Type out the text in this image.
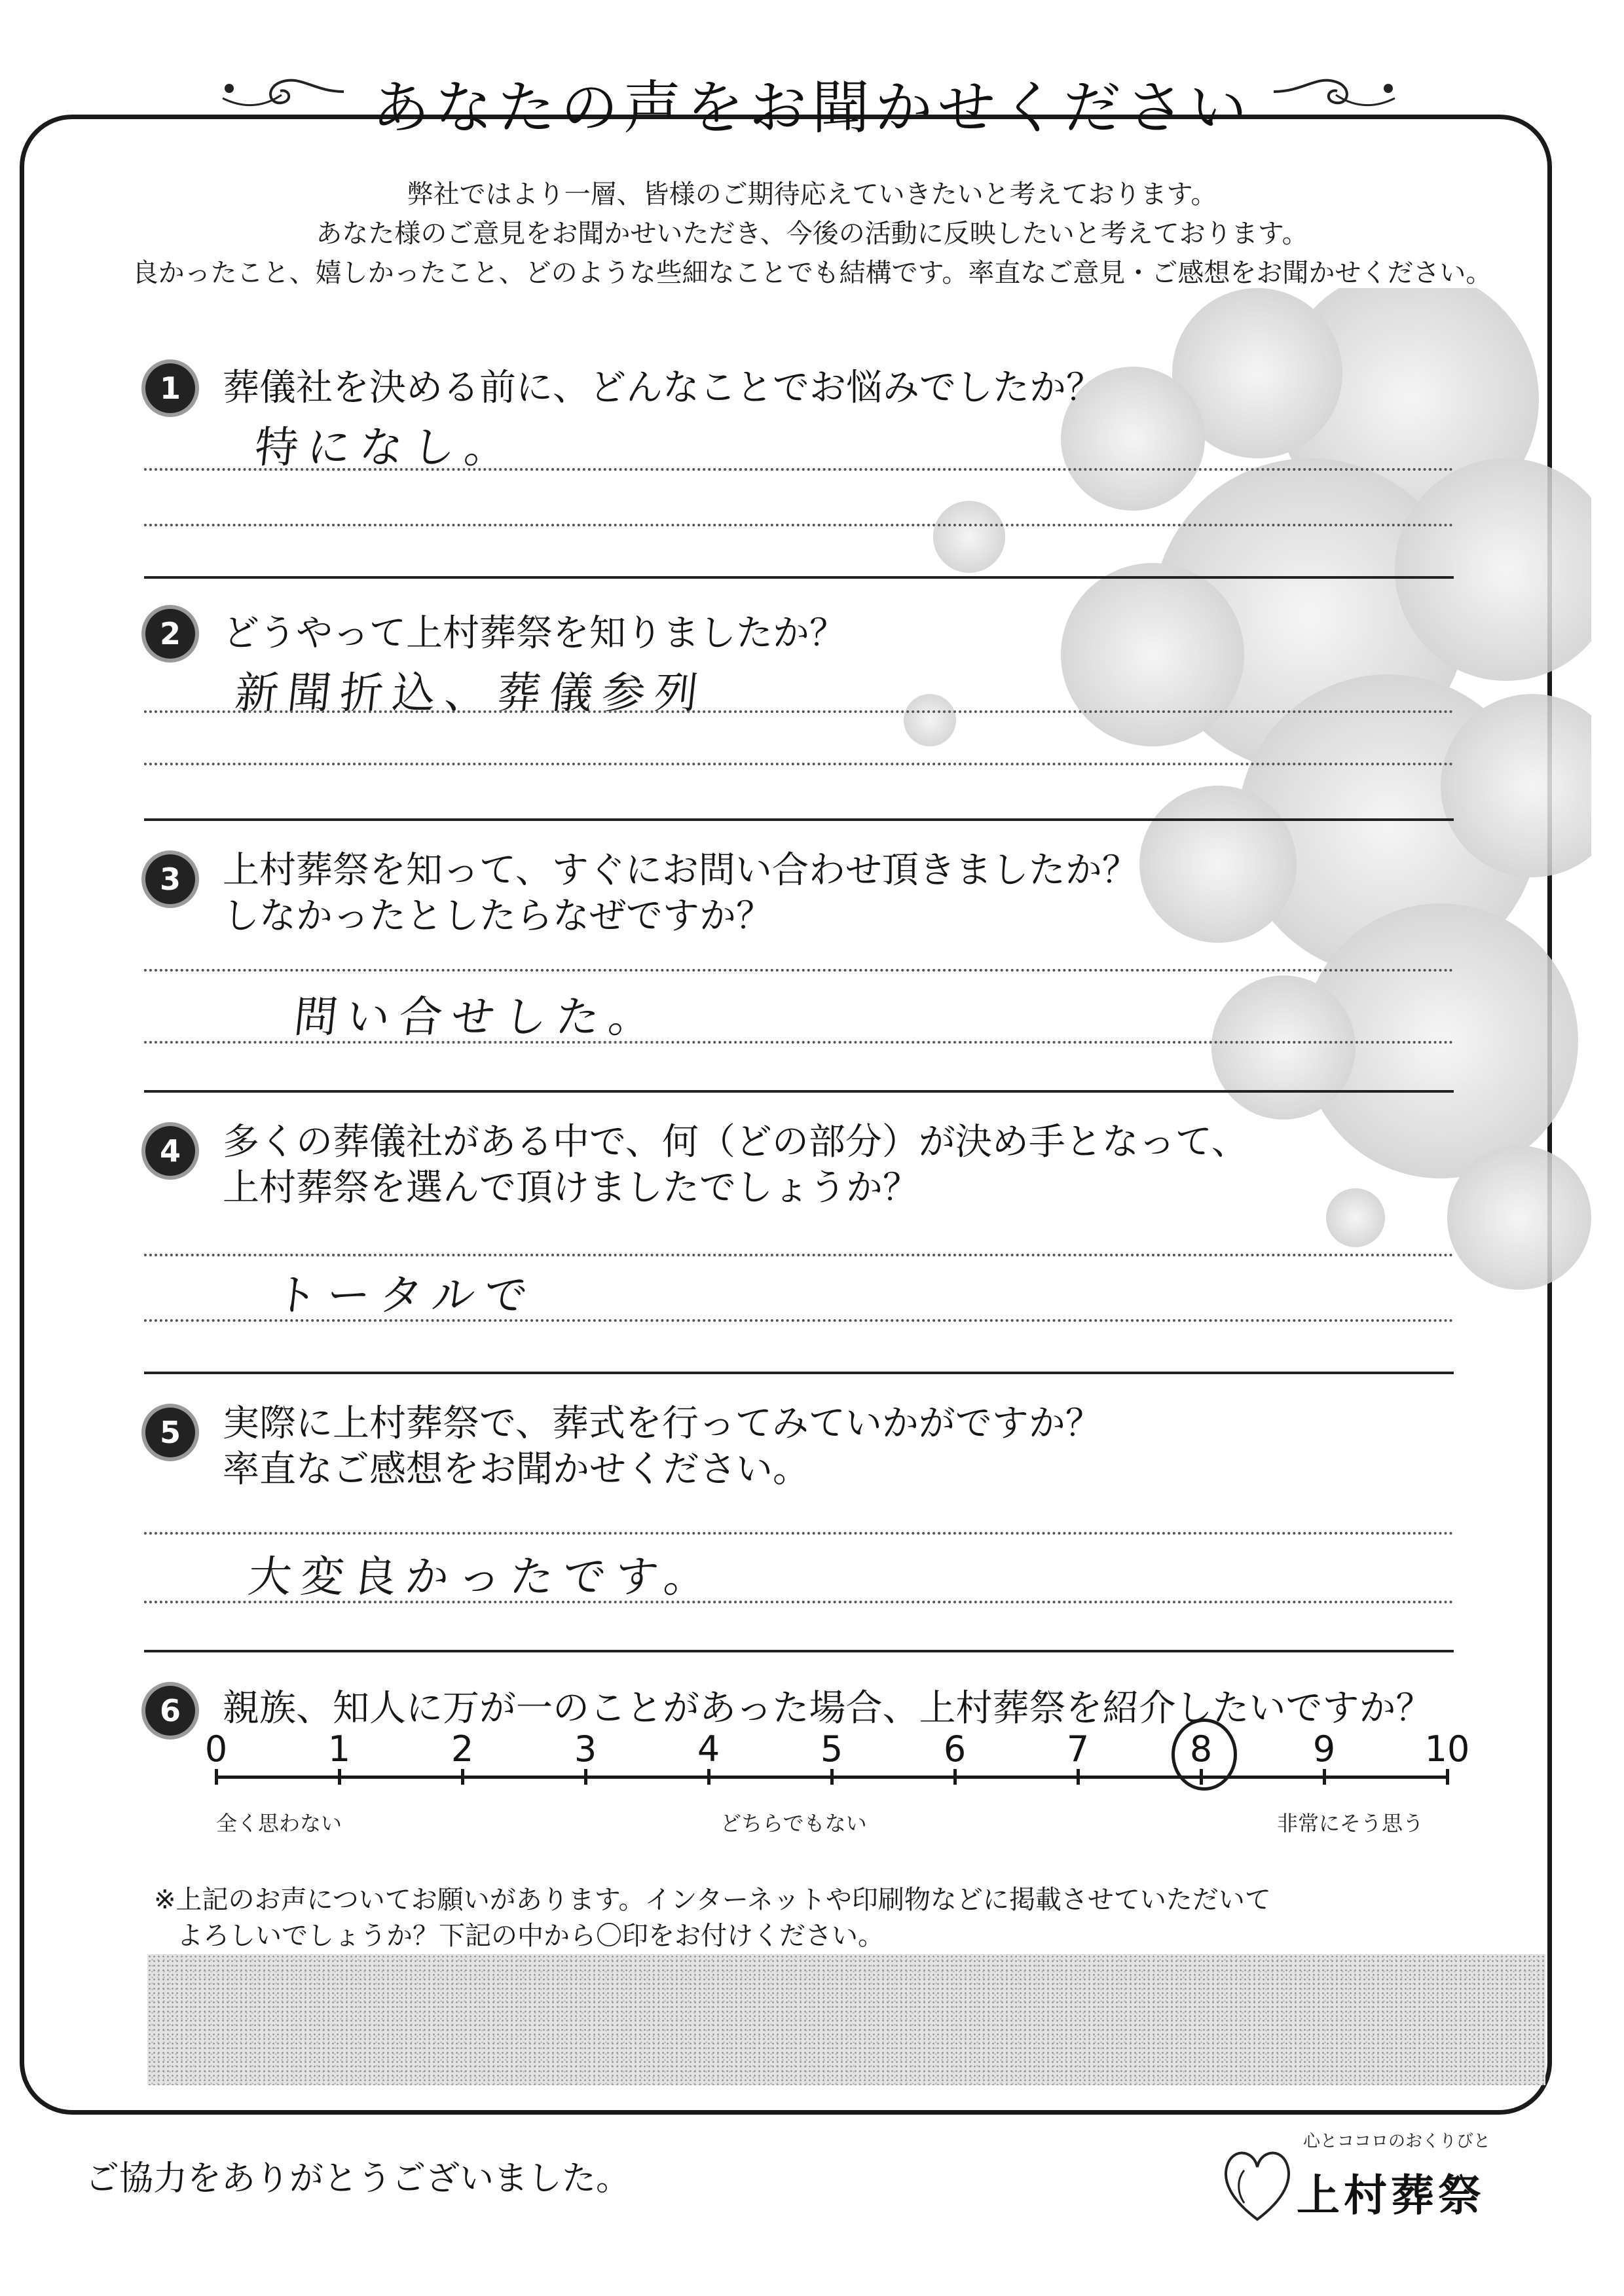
あなたの声をお聞かせください
弊社ではより一層、皆様のご期待応えていきたいと考えております。
あなた様のご意見をお聞かせいただき、今後の活動に反映したいと考えております。
良かったこと、嬉しかったこと、どのような些細なことでも結構です。率直なご意見・ご感想をお聞かせください。
1	葬儀社を決める前に、どんなことでお悩みでしたか？
特になし。
2	どうやって上村葬祭を知りましたか？
新聞折込、葬儀参列
3	上村葬祭を知って、すぐにお問い合わせ頂きましたか？
しなかったとしたらなぜですか？
問い合せした。
4	多くの葬儀社がある中で、何（どの部分）が決め手となって、
上村葬祭を選んで頂けましたでしょうか？
トータルで
5	実際に上村葬祭で、葬式を行ってみていかがですか？
率直なご感想をお聞かせください。
大変良かったです。
6	親族、知人に万が一のことがあった場合、上村葬祭を紹介したいですか？
0	1	2	3	4	5	6	7	8	9	10
全く思わない	どちらでもない	非常にそう思う
※上記のお声についてお願いがあります。インターネットや印刷物などに掲載させていただいて
よろしいでしょうか？下記の中から〇印をお付けください。
ご協力をありがとうございました。
心とココロのおくりびと
上村葬祭
